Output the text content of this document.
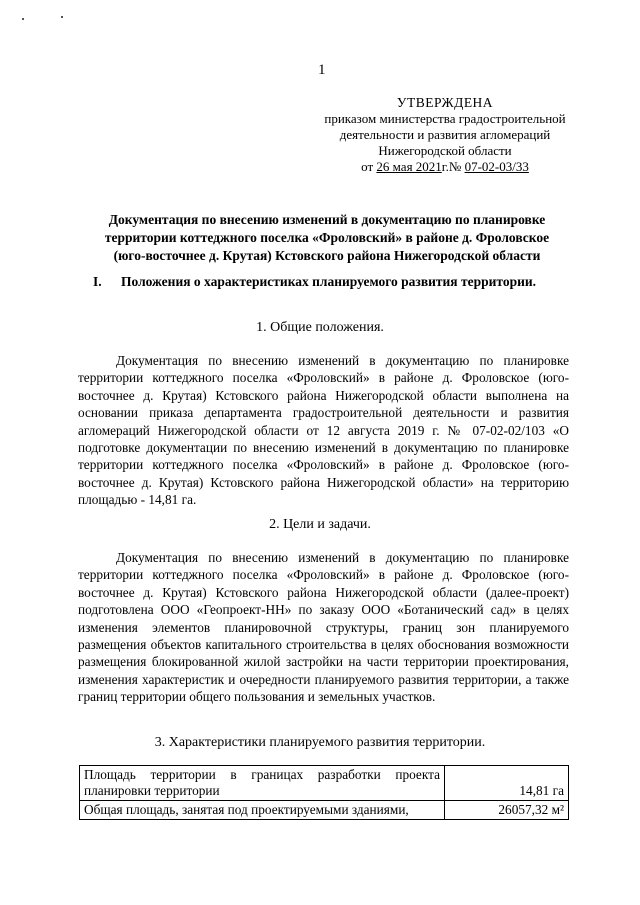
1
УТВЕРЖДЕНА
приказом министерства градостроительной
деятельности и развития агломераций
Нижегородской области
от 26 мая 2021г.№ 07-02-03/33
Документация по внесению изменений в документацию по планировке
территории коттеджного поселка «Фроловский» в районе д. Фроловское
(юго-восточнее д. Крутая) Кстовского района Нижегородской области
I. Положения о характеристиках планируемого развития территории.
1. Общие положения.
Документация по внесению изменений в документацию по планировке территории коттеджного поселка «Фроловский» в районе д. Фроловское (юго-восточнее д. Крутая) Кстовского района Нижегородской области выполнена на основании приказа департамента градостроительной деятельности и развития агломераций Нижегородской области от 12 августа 2019 г. № 07-02-02/103 «О подготовке документации по внесению изменений в документацию по планировке территории коттеджного поселка «Фроловский» в районе д. Фроловское (юго-восточнее д. Крутая) Кстовского района Нижегородской области» на территорию площадью - 14,81 га.
2. Цели и задачи.
Документация по внесению изменений в документацию по планировке территории коттеджного поселка «Фроловский» в районе д. Фроловское (юго-восточнее д. Крутая) Кстовского района Нижегородской области (далее-проект) подготовлена ООО «Геопроект-НН» по заказу ООО «Ботанический сад» в целях изменения элементов планировочной структуры, границ зон планируемого размещения объектов капитального строительства в целях обоснования возможности размещения блокированной жилой застройки на части территории проектирования, изменения характеристик и очередности планируемого развития территории, а также границ территории общего пользования и земельных участков.
3. Характеристики планируемого развития территории.
Площадь территории в границах разработки проекта планировки территории	14,81 га
Общая площадь, занятая под проектируемыми зданиями,	26057,32 м²
